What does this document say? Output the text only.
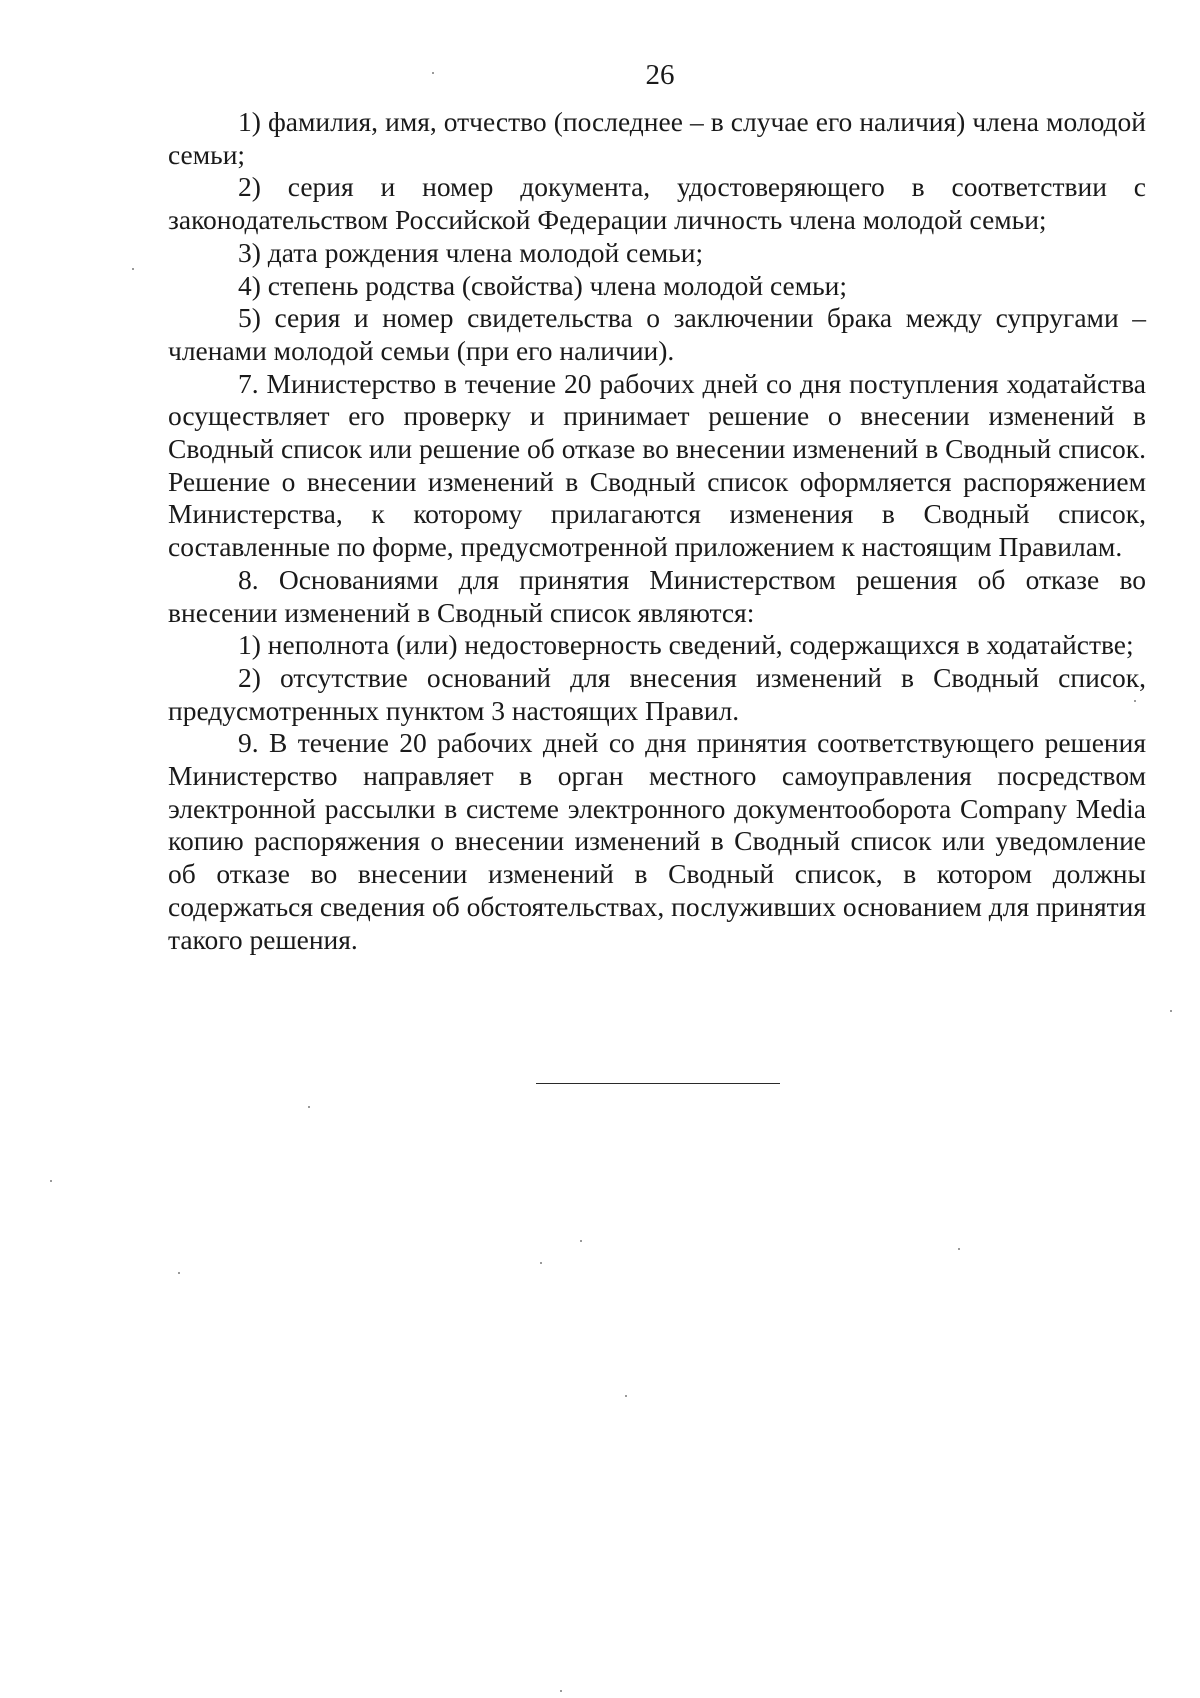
26

1) фамилия, имя, отчество (последнее – в случае его наличия) члена молодой семьи;

2) серия и номер документа, удостоверяющего в соответствии с законодательством Российской Федерации личность члена молодой семьи;

3) дата рождения члена молодой семьи;

4) степень родства (свойства) члена молодой семьи;

5) серия и номер свидетельства о заключении брака между супругами – членами молодой семьи (при его наличии).

7. Министерство в течение 20 рабочих дней со дня поступления ходатайства осуществляет его проверку и принимает решение о внесении изменений в Сводный список или решение об отказе во внесении изменений в Сводный список. Решение о внесении изменений в Сводный список оформляется распоряжением Министерства, к которому прилагаются изменения в Сводный список, составленные по форме, предусмотренной приложением к настоящим Правилам.

8. Основаниями для принятия Министерством решения об отказе во внесении изменений в Сводный список являются:

1) неполнота (или) недостоверность сведений, содержащихся в ходатайстве;

2) отсутствие оснований для внесения изменений в Сводный список, предусмотренных пунктом 3 настоящих Правил.

9. В течение 20 рабочих дней со дня принятия соответствующего решения Министерство направляет в орган местного самоуправления посредством электронной рассылки в системе электронного документооборота Company Media копию распоряжения о внесении изменений в Сводный список или уведомление об отказе во внесении изменений в Сводный список, в котором должны содержаться сведения об обстоятельствах, послуживших основанием для принятия такого решения.
